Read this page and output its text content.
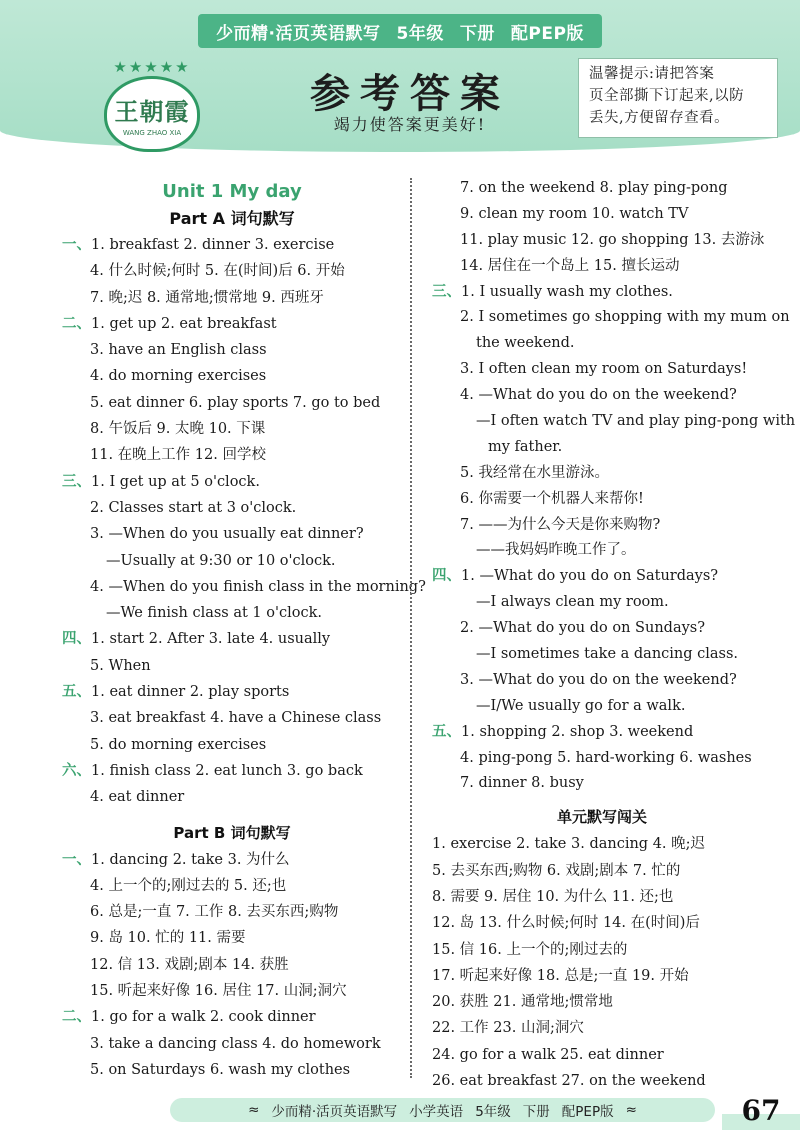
少而精·活页英语默写 5年级 下册 配PEP版
★★★★★
王朝霞
WANG ZHAO XIA
参考答案
竭力使答案更美好!
温馨提示:请把答案
页全部撕下订起来,以防
丢失,方便留存查看。
Unit 1 My day
Part A 词句默写
一、1. breakfast 2. dinner 3. exercise
4. 什么时候;何时 5. 在(时间)后 6. 开始
7. 晚;迟 8. 通常地;惯常地 9. 西班牙
二、1. get up 2. eat breakfast
3. have an English class
4. do morning exercises
5. eat dinner 6. play sports 7. go to bed
8. 午饭后 9. 太晚 10. 下课
11. 在晚上工作 12. 回学校
三、1. I get up at 5 o'clock.
2. Classes start at 3 o'clock.
3. —When do you usually eat dinner?
—Usually at 9:30 or 10 o'clock.
4. —When do you finish class in the morning?
—We finish class at 1 o'clock.
四、1. start 2. After 3. late 4. usually
5. When
五、1. eat dinner 2. play sports
3. eat breakfast 4. have a Chinese class
5. do morning exercises
六、1. finish class 2. eat lunch 3. go back
4. eat dinner
Part B 词句默写
一、1. dancing 2. take 3. 为什么
4. 上一个的;刚过去的 5. 还;也
6. 总是;一直 7. 工作 8. 去买东西;购物
9. 岛 10. 忙的 11. 需要
12. 信 13. 戏剧;剧本 14. 获胜
15. 听起来好像 16. 居住 17. 山洞;洞穴
二、1. go for a walk 2. cook dinner
3. take a dancing class 4. do homework
5. on Saturdays 6. wash my clothes
7. on the weekend 8. play ping-pong
9. clean my room 10. watch TV
11. play music 12. go shopping 13. 去游泳
14. 居住在一个岛上 15. 擅长运动
三、1. I usually wash my clothes.
2. I sometimes go shopping with my mum on
the weekend.
3. I often clean my room on Saturdays!
4. —What do you do on the weekend?
—I often watch TV and play ping-pong with
my father.
5. 我经常在水里游泳。
6. 你需要一个机器人来帮你!
7. ——为什么今天是你来购物?
——我妈妈昨晚工作了。
四、1. —What do you do on Saturdays?
—I always clean my room.
2. —What do you do on Sundays?
—I sometimes take a dancing class.
3. —What do you do on the weekend?
—I/We usually go for a walk.
五、1. shopping 2. shop 3. weekend
4. ping-pong 5. hard-working 6. washes
7. dinner 8. busy
单元默写闯关
1. exercise 2. take 3. dancing 4. 晚;迟
5. 去买东西;购物 6. 戏剧;剧本 7. 忙的
8. 需要 9. 居住 10. 为什么 11. 还;也
12. 岛 13. 什么时候;何时 14. 在(时间)后
15. 信 16. 上一个的;刚过去的
17. 听起来好像 18. 总是;一直 19. 开始
20. 获胜 21. 通常地;惯常地
22. 工作 23. 山洞;洞穴
24. go for a walk 25. eat dinner
26. eat breakfast 27. on the weekend
≈ 少而精·活页英语默写 小学英语 5年级 下册 配PEP版 ≈	67
